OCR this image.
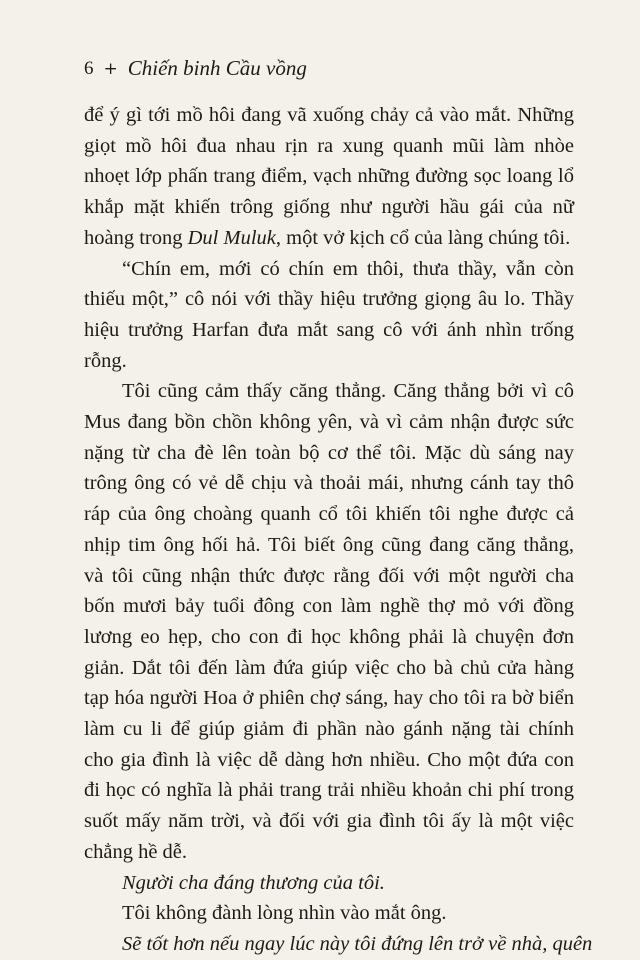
6 + Chiến binh Cầu vồng
để ý gì tới mồ hôi đang vã xuống chảy cả vào mắt. Những
giọt mồ hôi đua nhau rịn ra xung quanh mũi làm nhòe
nhoẹt lớp phấn trang điểm, vạch những đường sọc loang lổ
khắp mặt khiến trông giống như người hầu gái của nữ
hoàng trong Dul Muluk, một vở kịch cổ của làng chúng tôi.
“Chín em, mới có chín em thôi, thưa thầy, vẫn còn
thiếu một,” cô nói với thầy hiệu trưởng giọng âu lo. Thầy
hiệu trưởng Harfan đưa mắt sang cô với ánh nhìn trống
rỗng.
Tôi cũng cảm thấy căng thẳng. Căng thẳng bởi vì cô
Mus đang bồn chồn không yên, và vì cảm nhận được sức
nặng từ cha đè lên toàn bộ cơ thể tôi. Mặc dù sáng nay
trông ông có vẻ dễ chịu và thoải mái, nhưng cánh tay thô
ráp của ông choàng quanh cổ tôi khiến tôi nghe được cả
nhịp tim ông hối hả. Tôi biết ông cũng đang căng thẳng,
và tôi cũng nhận thức được rằng đối với một người cha
bốn mươi bảy tuổi đông con làm nghề thợ mỏ với đồng
lương eo hẹp, cho con đi học không phải là chuyện đơn
giản. Dắt tôi đến làm đứa giúp việc cho bà chủ cửa hàng
tạp hóa người Hoa ở phiên chợ sáng, hay cho tôi ra bờ biển
làm cu li để giúp giảm đi phần nào gánh nặng tài chính
cho gia đình là việc dễ dàng hơn nhiều. Cho một đứa con
đi học có nghĩa là phải trang trải nhiều khoản chi phí trong
suốt mấy năm trời, và đối với gia đình tôi ấy là một việc
chẳng hề dễ.
Người cha đáng thương của tôi.
Tôi không đành lòng nhìn vào mắt ông.
Sẽ tốt hơn nếu ngay lúc này tôi đứng lên trở về nhà, quên
